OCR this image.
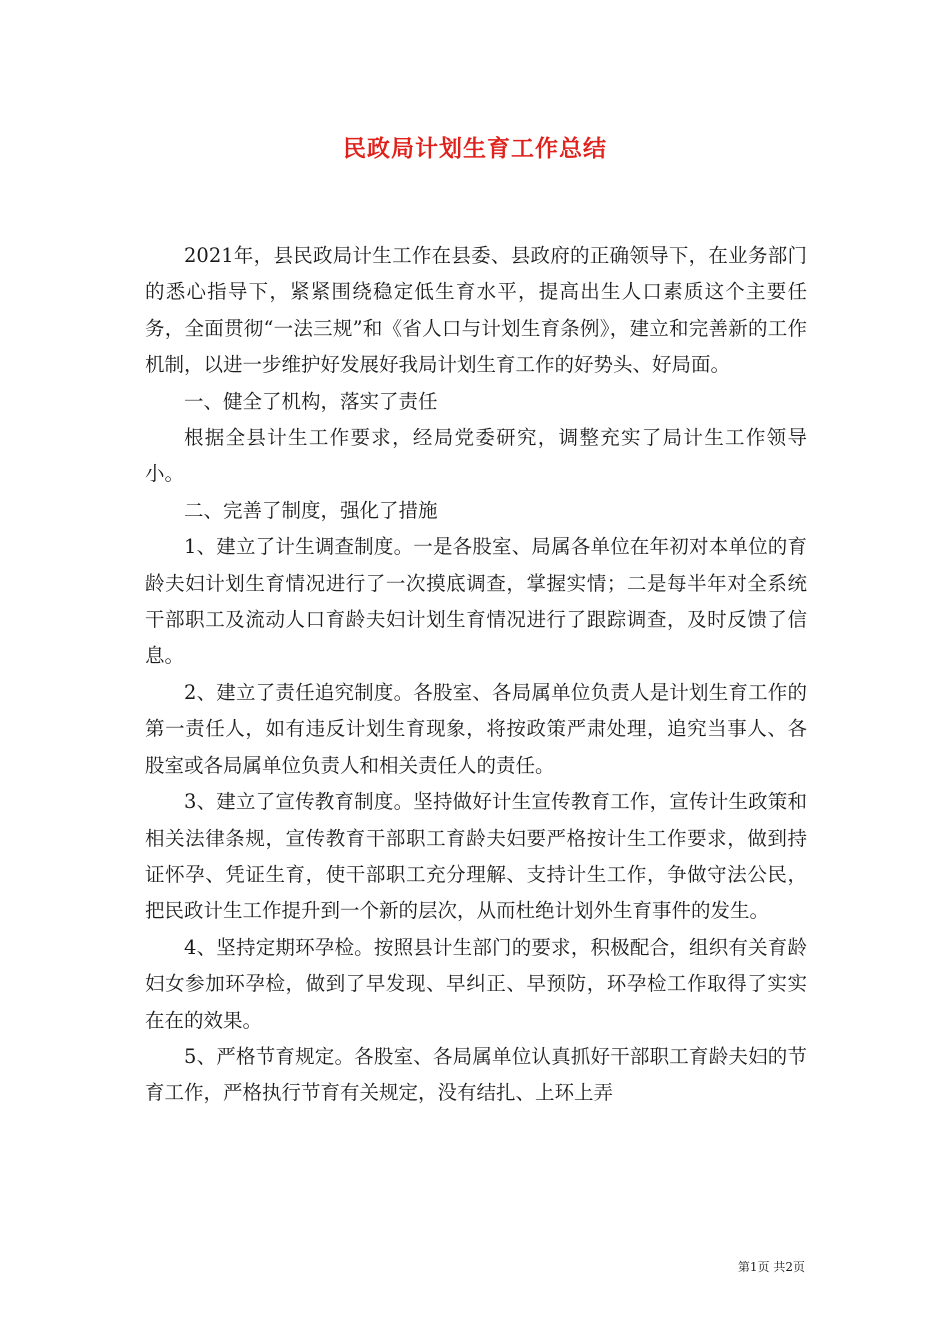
民政局计划生育工作总结

2021年，县民政局计生工作在县委、县政府的正确领导下，在业务部门的悉心指导下，紧紧围绕稳定低生育水平，提高出生人口素质这个主要任务，全面贯彻“一法三规”和《省人口与计划生育条例》，建立和完善新的工作机制，以进一步维护好发展好我局计划生育工作的好势头、好局面。

一、健全了机构，落实了责任

根据全县计生工作要求，经局党委研究，调整充实了局计生工作领导小。

二、完善了制度，强化了措施

1、建立了计生调查制度。一是各股室、局属各单位在年初对本单位的育龄夫妇计划生育情况进行了一次摸底调查，掌握实情；二是每半年对全系统干部职工及流动人口育龄夫妇计划生育情况进行了跟踪调查，及时反馈了信息。

2、建立了责任追究制度。各股室、各局属单位负责人是计划生育工作的第一责任人，如有违反计划生育现象，将按政策严肃处理，追究当事人、各股室或各局属单位负责人和相关责任人的责任。

3、建立了宣传教育制度。坚持做好计生宣传教育工作，宣传计生政策和相关法律条规，宣传教育干部职工育龄夫妇要严格按计生工作要求，做到持证怀孕、凭证生育，使干部职工充分理解、支持计生工作，争做守法公民，把民政计生工作提升到一个新的层次，从而杜绝计划外生育事件的发生。

4、坚持定期环孕检。按照县计生部门的要求，积极配合，组织有关育龄妇女参加环孕检，做到了早发现、早纠正、早预防，环孕检工作取得了实实在在的效果。

5、严格节育规定。各股室、各局属单位认真抓好干部职工育龄夫妇的节育工作，严格执行节育有关规定，没有结扎、上环上弄

第1页 共2页
